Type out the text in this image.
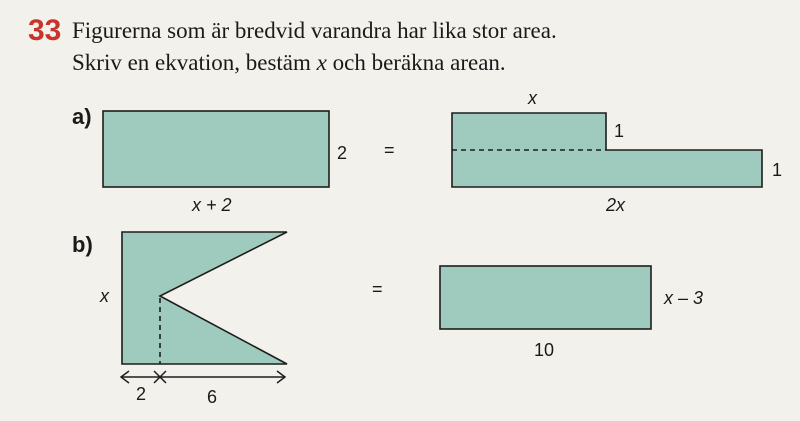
33 Figurerna som är bredvid varandra har lika stor area.
Skriv en ekvation, bestäm x och beräkna arean.
a)
2
x + 2
=
x
1
1
2x
b)
x
2	6
=	x – 3
10
